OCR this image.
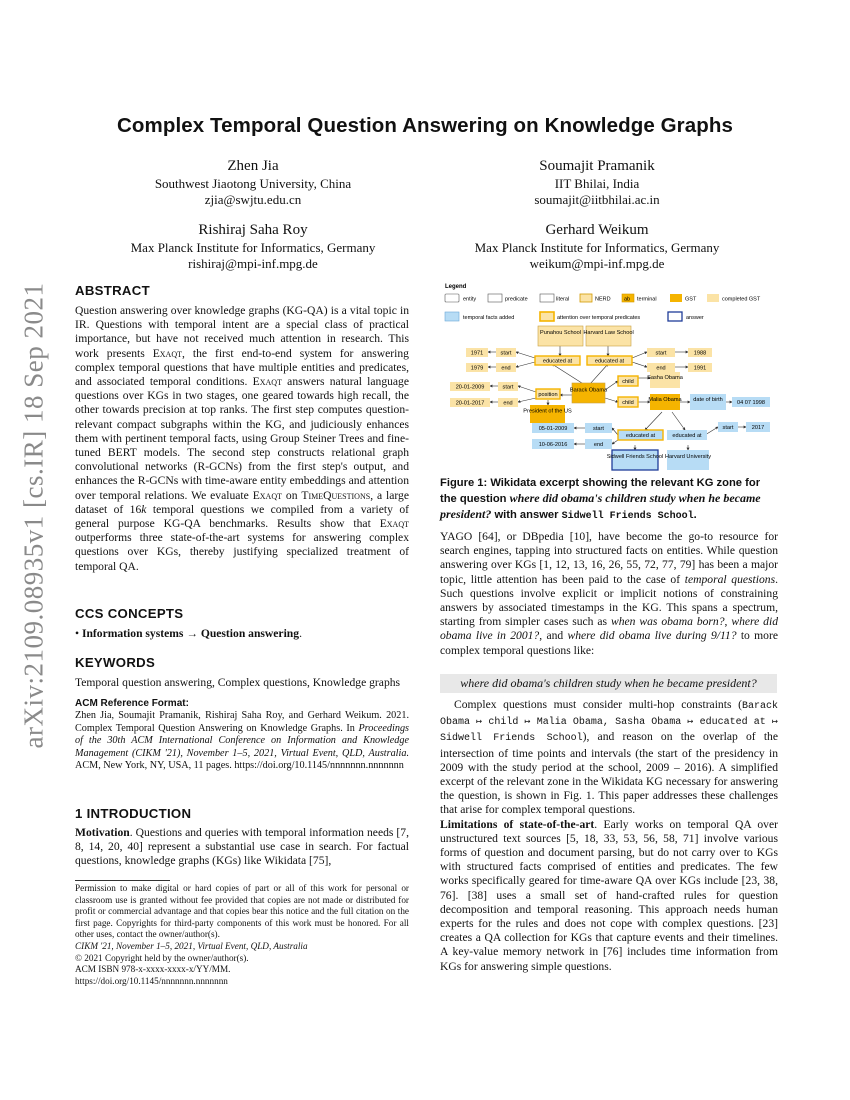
arXiv:2109.08935v1 [cs.IR] 18 Sep 2021
Complex Temporal Question Answering on Knowledge Graphs
Zhen Jia
Southwest Jiaotong University, China
zjia@swjtu.edu.cn
Soumajit Pramanik
IIT Bhilai, India
soumajit@iitbhilai.ac.in
Rishiraj Saha Roy
Max Planck Institute for Informatics, Germany
rishiraj@mpi-inf.mpg.de
Gerhard Weikum
Max Planck Institute for Informatics, Germany
weikum@mpi-inf.mpg.de
ABSTRACT

Question answering over knowledge graphs (KG-QA) is a vital topic in IR. Questions with temporal intent are a special class of practical importance, but have not received much attention in research. This work presents Exaqt, the first end-to-end system for answering complex temporal questions that have multiple entities and predicates, and associated temporal conditions. Exaqt answers natural language questions over KGs in two stages, one geared towards high recall, the other towards precision at top ranks. The first step computes question-relevant compact subgraphs within the KG, and judiciously enhances them with pertinent temporal facts, using Group Steiner Trees and fine-tuned BERT models. The second step constructs relational graph convolutional networks (R-GCNs) from the first step's output, and enhances the R-GCNs with time-aware entity embeddings and attention over temporal relations. We evaluate Exaqt on TimeQuestions, a large dataset of 16k temporal questions we compiled from a variety of general purpose KG-QA benchmarks. Results show that Exaqt outperforms three state-of-the-art systems for answering complex questions over KGs, thereby justifying specialized treatment of temporal QA.

CCS CONCEPTS
• Information systems → Question answering.
KEYWORDS
Temporal question answering, Complex questions, Knowledge graphs
ACM Reference Format:

Zhen Jia, Soumajit Pramanik, Rishiraj Saha Roy, and Gerhard Weikum. 2021. Complex Temporal Question Answering on Knowledge Graphs. In Proceedings of the 30th ACM International Conference on Information and Knowledge Management (CIKM '21), November 1–5, 2021, Virtual Event, QLD, Australia. ACM, New York, NY, USA, 11 pages. https://doi.org/10.1145/nnnnnnn.nnnnnnn

1 INTRODUCTION

Motivation. Questions and queries with temporal information needs [7, 8, 14, 20, 40] represent a substantial use case in search. For factual questions, knowledge graphs (KGs) like Wikidata [75],

Permission to make digital or hard copies of part or all of this work for personal or classroom use is granted without fee provided that copies are not made or distributed for profit or commercial advantage and that copies bear this notice and the full citation on the first page. Copyrights for third-party components of this work must be honored. For all other uses, contact the owner/author(s).

CIKM '21, November 1–5, 2021, Virtual Event, QLD, Australia

© 2021 Copyright held by the owner/author(s).

ACM ISBN 978-x-xxxx-xxxx-x/YY/MM.

https://doi.org/10.1145/nnnnnnn.nnnnnnn

Legend
entity	predicate	literal	NERD ab terminal	GST	completed GST
temporal facts added	attention over temporal predicates	answer
Punahou School Harvard Law School
educated at	educated at
start
end
1971
1979
start
end
1988
1991
Barack Obama
position
start
end
20-01-2009
20-01-2017
President of the US
child
child
Sasha Obama
Malia Obama date of birth	04 07 1998
start	2017
educated at	educated at
start
end
05-01-2009
10-06-2016
Sidwell Friends School Harvard University
Figure 1: Wikidata excerpt showing the relevant KG zone for the question where did obama's children study when he became president? with answer Sidwell Friends School.

YAGO [64], or DBpedia [10], have become the go-to resource for search engines, tapping into structured facts on entities. While question answering over KGs [1, 12, 13, 16, 26, 55, 72, 77, 79] has been a major topic, little attention has been paid to the case of temporal questions. Such questions involve explicit or implicit notions of constraining answers by associated timestamps in the KG. This spans a spectrum, starting from simpler cases such as when was obama born?, where did obama live in 2001?, and where did obama live during 9/11? to more complex temporal questions like:

where did obama's children study when he became president?

Complex questions must consider multi-hop constraints (Barack Obama ↦ child ↦ Malia Obama, Sasha Obama ↦ educated at ↦ Sidwell Friends School), and reason on the overlap of the intersection of time points and intervals (the start of the presidency in 2009 with the study period at the school, 2009 – 2016). A simplified excerpt of the relevant zone in the Wikidata KG necessary for answering the question, is shown in Fig. 1. This paper addresses these challenges that arise for complex temporal questions.

Limitations of state-of-the-art. Early works on temporal QA over unstructured text sources [5, 18, 33, 53, 56, 58, 71] involve various forms of question and document parsing, but do not carry over to KGs with structured facts comprised of entities and predicates. The few works specifically geared for time-aware QA over KGs include [23, 38, 76]. [38] uses a small set of hand-crafted rules for question decomposition and temporal reasoning. This approach needs human experts for the rules and does not cope with complex questions. [23] creates a QA collection for KGs that capture events and their timelines. A key-value memory network in [76] includes time information from KGs for answering simple questions.
